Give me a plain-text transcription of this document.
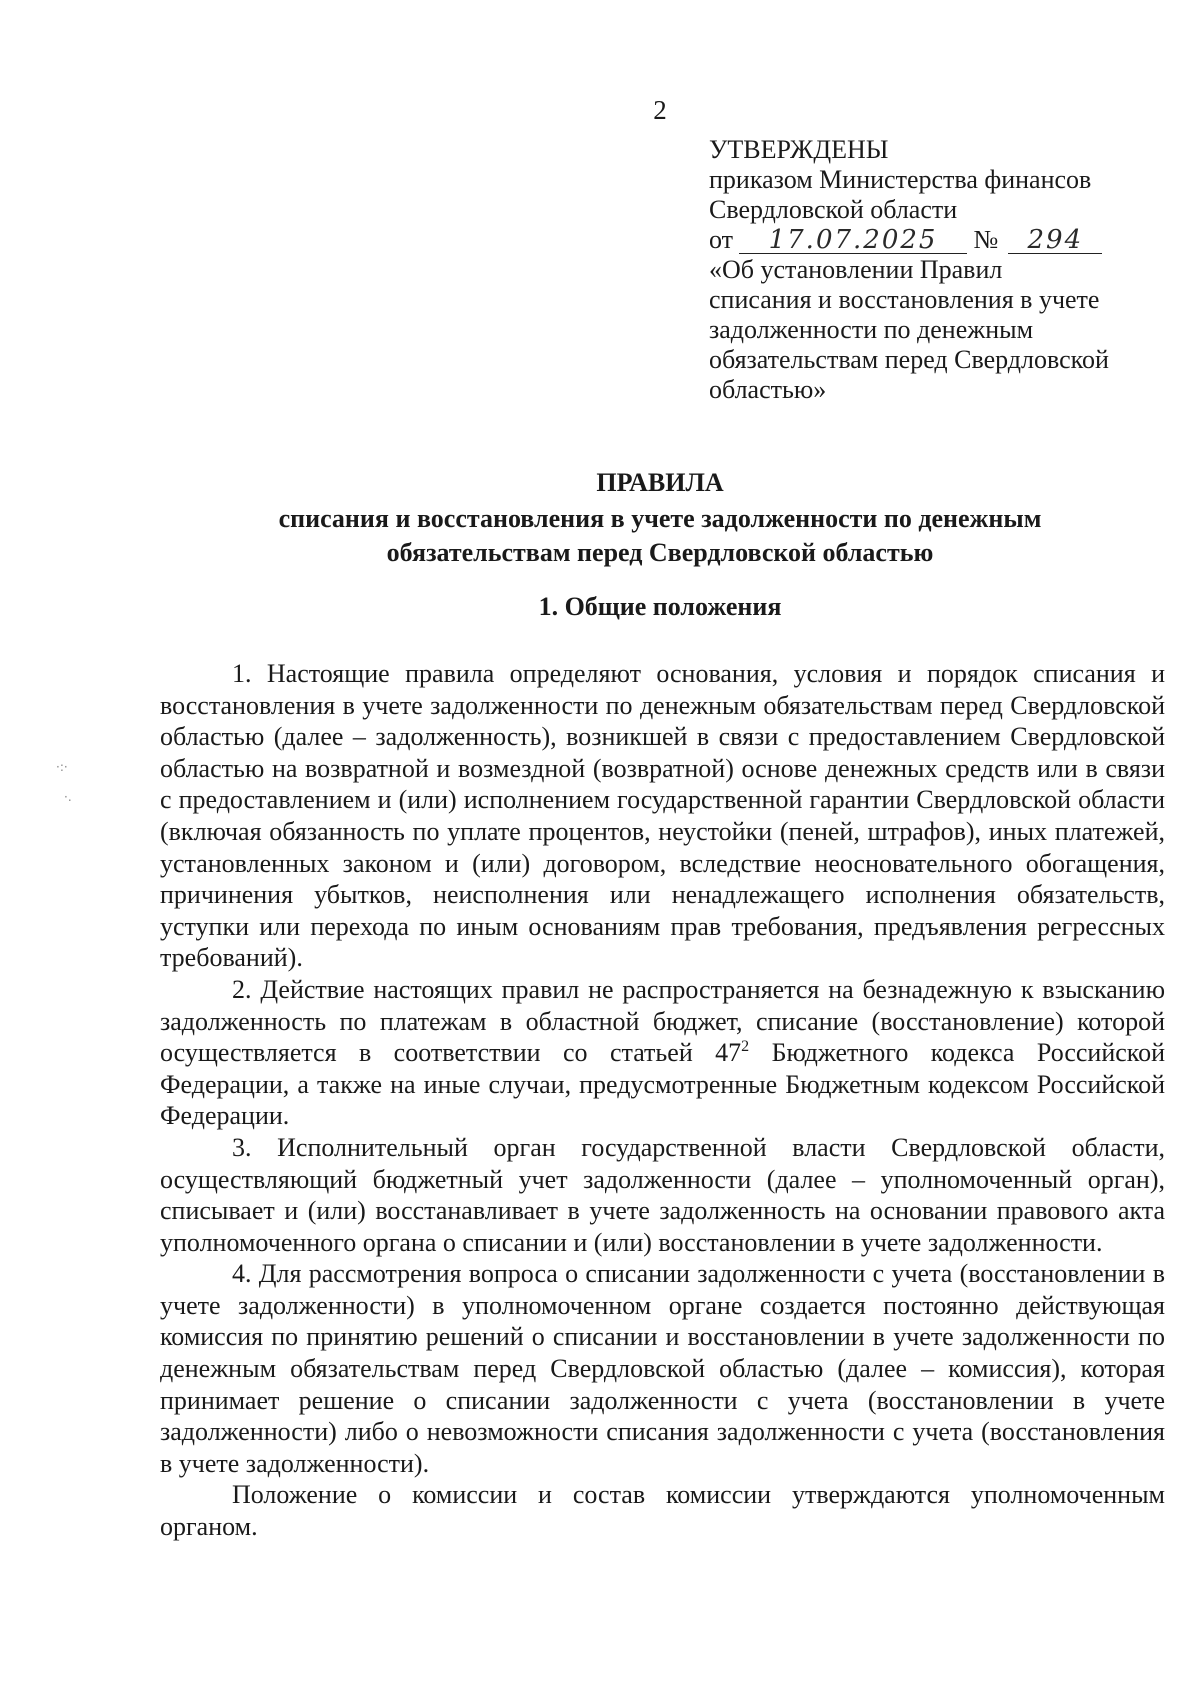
2
УТВЕРЖДЕНЫ
приказом Министерства финансов
Свердловской области
от 17.07.2025 № 294
«Об установлении Правил
списания и восстановления в учете
задолженности по денежным
обязательствам перед Свердловской
областью»
ПРАВИЛА
списания и восстановления в учете задолженности по денежным
обязательствам перед Свердловской областью
1. Общие положения

1. Настоящие правила определяют основания, условия и порядок списания и восстановления в учете задолженности по денежным обязательствам перед Свердловской областью (далее – задолженность), возникшей в связи с предоставлением Свердловской областью на возвратной и возмездной (возвратной) основе денежных средств или в связи с предоставлением и (или) исполнением государственной гарантии Свердловской области (включая обязанность по уплате процентов, неустойки (пеней, штрафов), иных платежей, установленных законом и (или) договором, вследствие неосновательного обогащения, причинения убытков, неисполнения или ненадлежащего исполнения обязательств, уступки или перехода по иным основаниям прав требования, предъявления регрессных требований).

2. Действие настоящих правил не распространяется на безнадежную к взысканию задолженность по платежам в областной бюджет, списание (восстановление) которой осуществляется в соответствии со статьей $47^2$ Бюджетного кодекса Российской Федерации, а также на иные случаи, предусмотренные Бюджетным кодексом Российской Федерации.

3. Исполнительный орган государственной власти Свердловской области, осуществляющий бюджетный учет задолженности (далее – уполномоченный орган), списывает и (или) восстанавливает в учете задолженность на основании правового акта уполномоченного органа о списании и (или) восстановлении в учете задолженности.

4. Для рассмотрения вопроса о списании задолженности с учета (восстановлении в учете задолженности) в уполномоченном органе создается постоянно действующая комиссия по принятию решений о списании и восстановлении в учете задолженности по денежным обязательствам перед Свердловской областью (далее – комиссия), которая принимает решение о списании задолженности с учета (восстановлении в учете задолженности) либо о невозможности списания задолженности с учета (восстановления в учете задолженности).

Положение о комиссии и состав комиссии утверждаются уполномоченным органом.

·:·
·.
